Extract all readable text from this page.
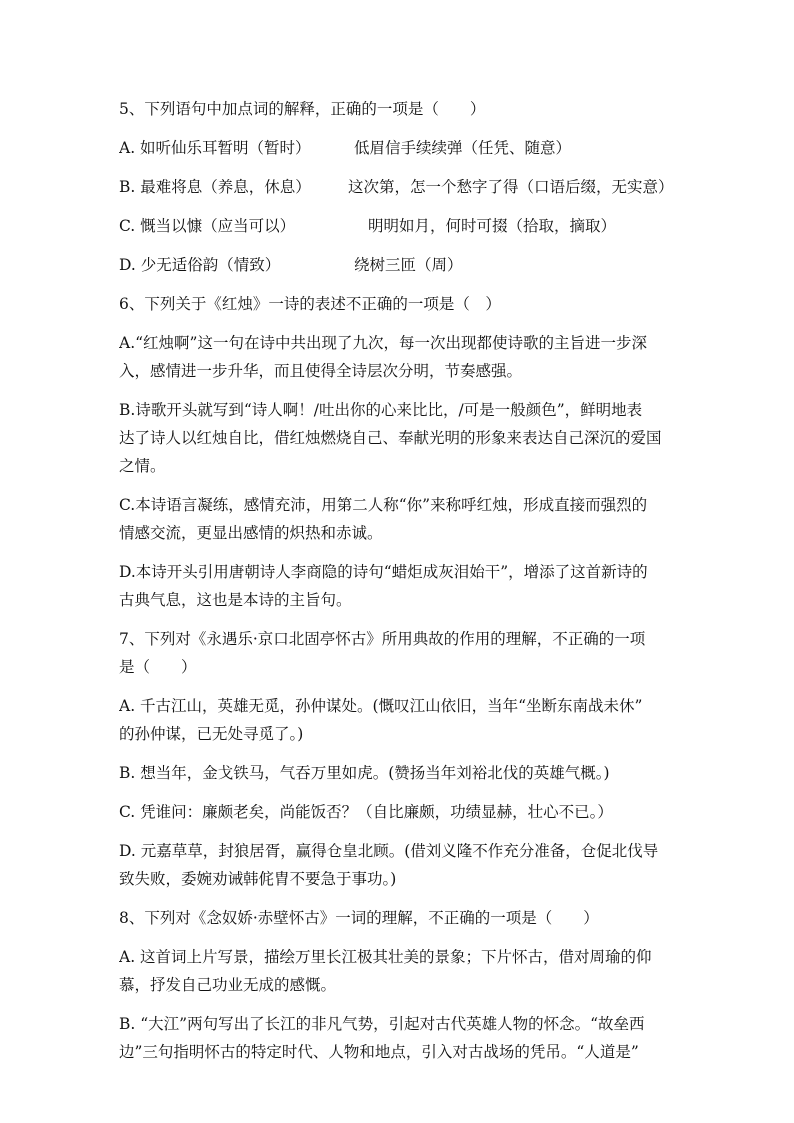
5、下列语句中加点词的解释，正确的一项是（　　）
A. 如听仙乐耳暂明（暂时）	低眉信手续续弹（任凭、随意）
B. 最难将息（养息，休息）	这次第，怎一个愁字了得（口语后缀，无实意）
C. 慨当以慷（应当可以）	明明如月，何时可掇（拾取，摘取）
D. 少无适俗韵（情致）	绕树三匝（周）
6、下列关于《红烛》一诗的表述不正确的一项是（　）
A.“红烛啊”这一句在诗中共出现了九次，每一次出现都使诗歌的主旨进一步深
入，感情进一步升华，而且使得全诗层次分明，节奏感强。
B.诗歌开头就写到“诗人啊！/吐出你的心来比比，/可是一般颜色”，鲜明地表
达了诗人以红烛自比，借红烛燃烧自己、奉献光明的形象来表达自己深沉的爱国
之情。
C.本诗语言凝练，感情充沛，用第二人称“你”来称呼红烛，形成直接而强烈的
情感交流，更显出感情的炽热和赤诚。
D.本诗开头引用唐朝诗人李商隐的诗句“蜡炬成灰泪始干”，增添了这首新诗的
古典气息，这也是本诗的主旨句。
7、下列对《永遇乐·京口北固亭怀古》所用典故的作用的理解，不正确的一项
是（　　）
A. 千古江山，英雄无觅，孙仲谋处。(慨叹江山依旧，当年“坐断东南战未休”
的孙仲谋，已无处寻觅了。)
B. 想当年，金戈铁马，气吞万里如虎。(赞扬当年刘裕北伐的英雄气概。)
C. 凭谁问：廉颇老矣，尚能饭否？（自比廉颇，功绩显赫，壮心不已。）
D. 元嘉草草，封狼居胥，赢得仓皇北顾。(借刘义隆不作充分准备，仓促北伐导
致失败，委婉劝诫韩侂胄不要急于事功。)
8、下列对《念奴娇·赤壁怀古》一词的理解，不正确的一项是（　　）
A. 这首词上片写景，描绘万里长江极其壮美的景象；下片怀古，借对周瑜的仰
慕，抒发自己功业无成的感慨。
B. “大江”两句写出了长江的非凡气势，引起对古代英雄人物的怀念。“故垒西
边”三句指明怀古的特定时代、人物和地点，引入对古战场的凭吊。“人道是”
